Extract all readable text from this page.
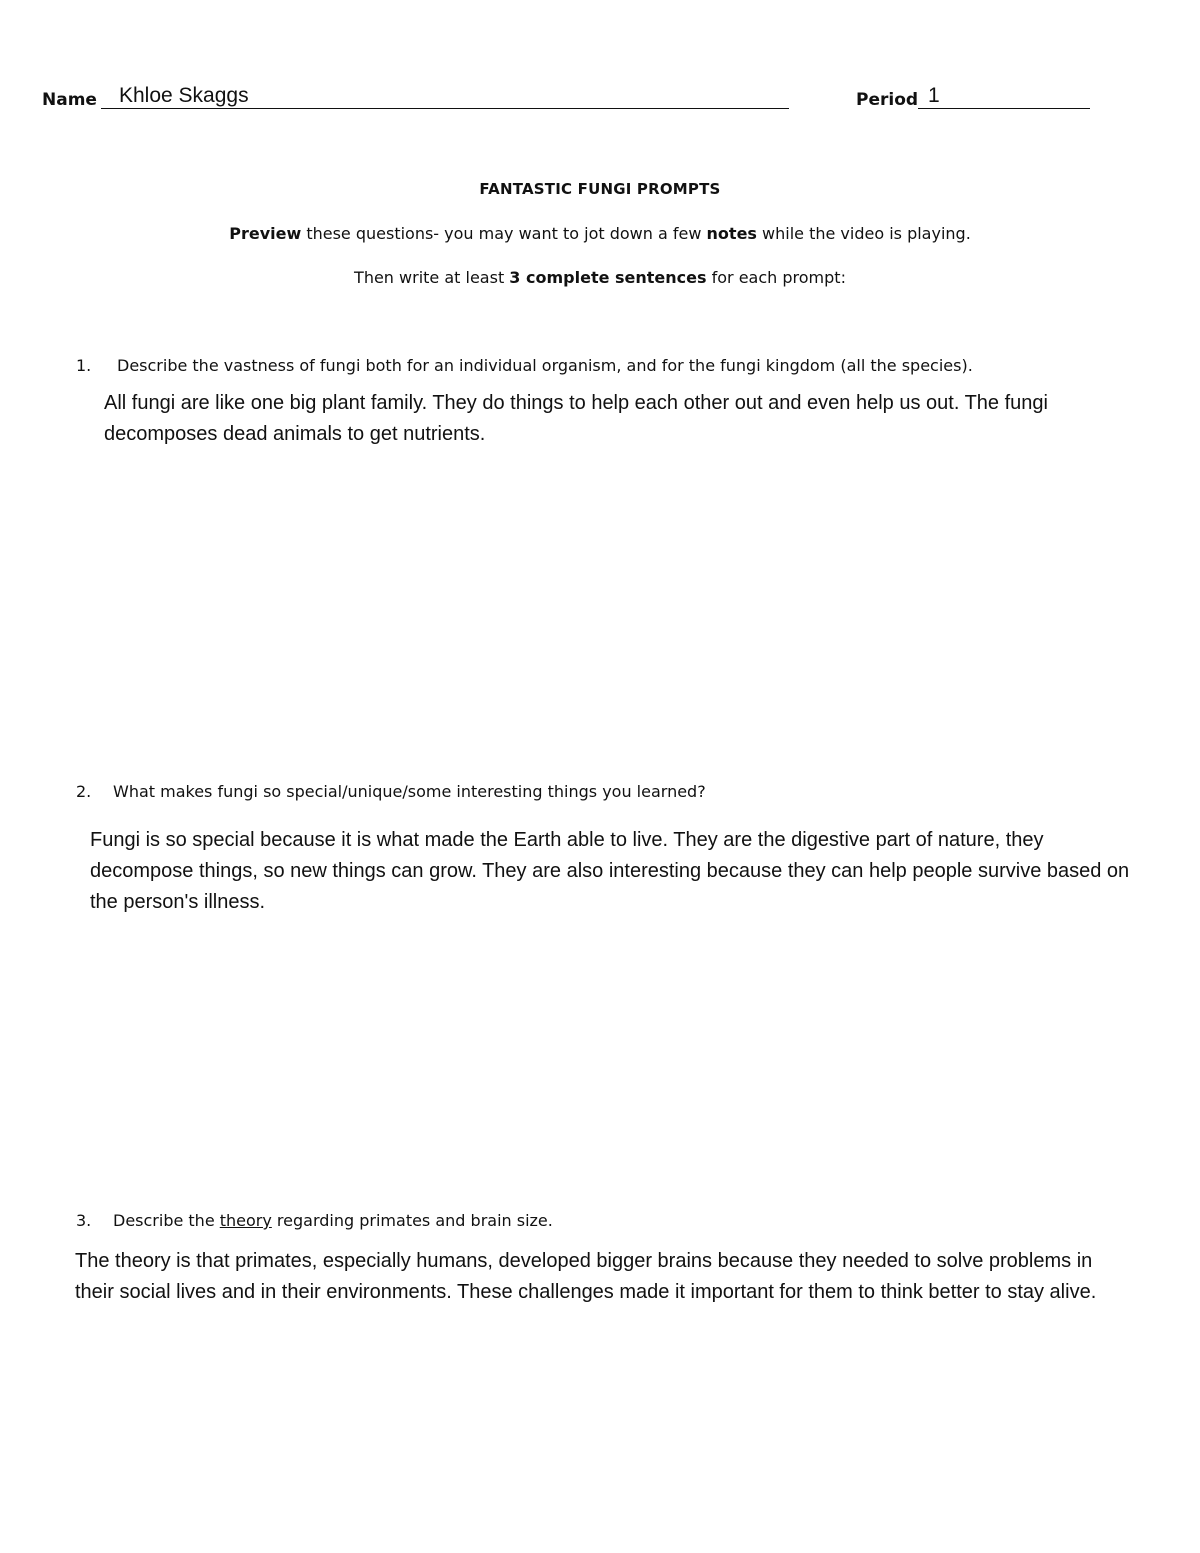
Name Khloe Skaggs	Period 1
FANTASTIC FUNGI PROMPTS
Preview these questions- you may want to jot down a few notes while the video is playing.
Then write at least 3 complete sentences for each prompt:
1. Describe the vastness of fungi both for an individual organism, and for the fungi kingdom (all the species).
All fungi are like one big plant family. They do things to help each other out and even help us out. The fungi
decomposes dead animals to get nutrients.
2. What makes fungi so special/unique/some interesting things you learned?
Fungi is so special because it is what made the Earth able to live. They are the digestive part of nature, they
decompose things, so new things can grow. They are also interesting because they can help people survive based on
the person's illness.
3. Describe the theory regarding primates and brain size.
The theory is that primates, especially humans, developed bigger brains because they needed to solve problems in
their social lives and in their environments. These challenges made it important for them to think better to stay alive.
